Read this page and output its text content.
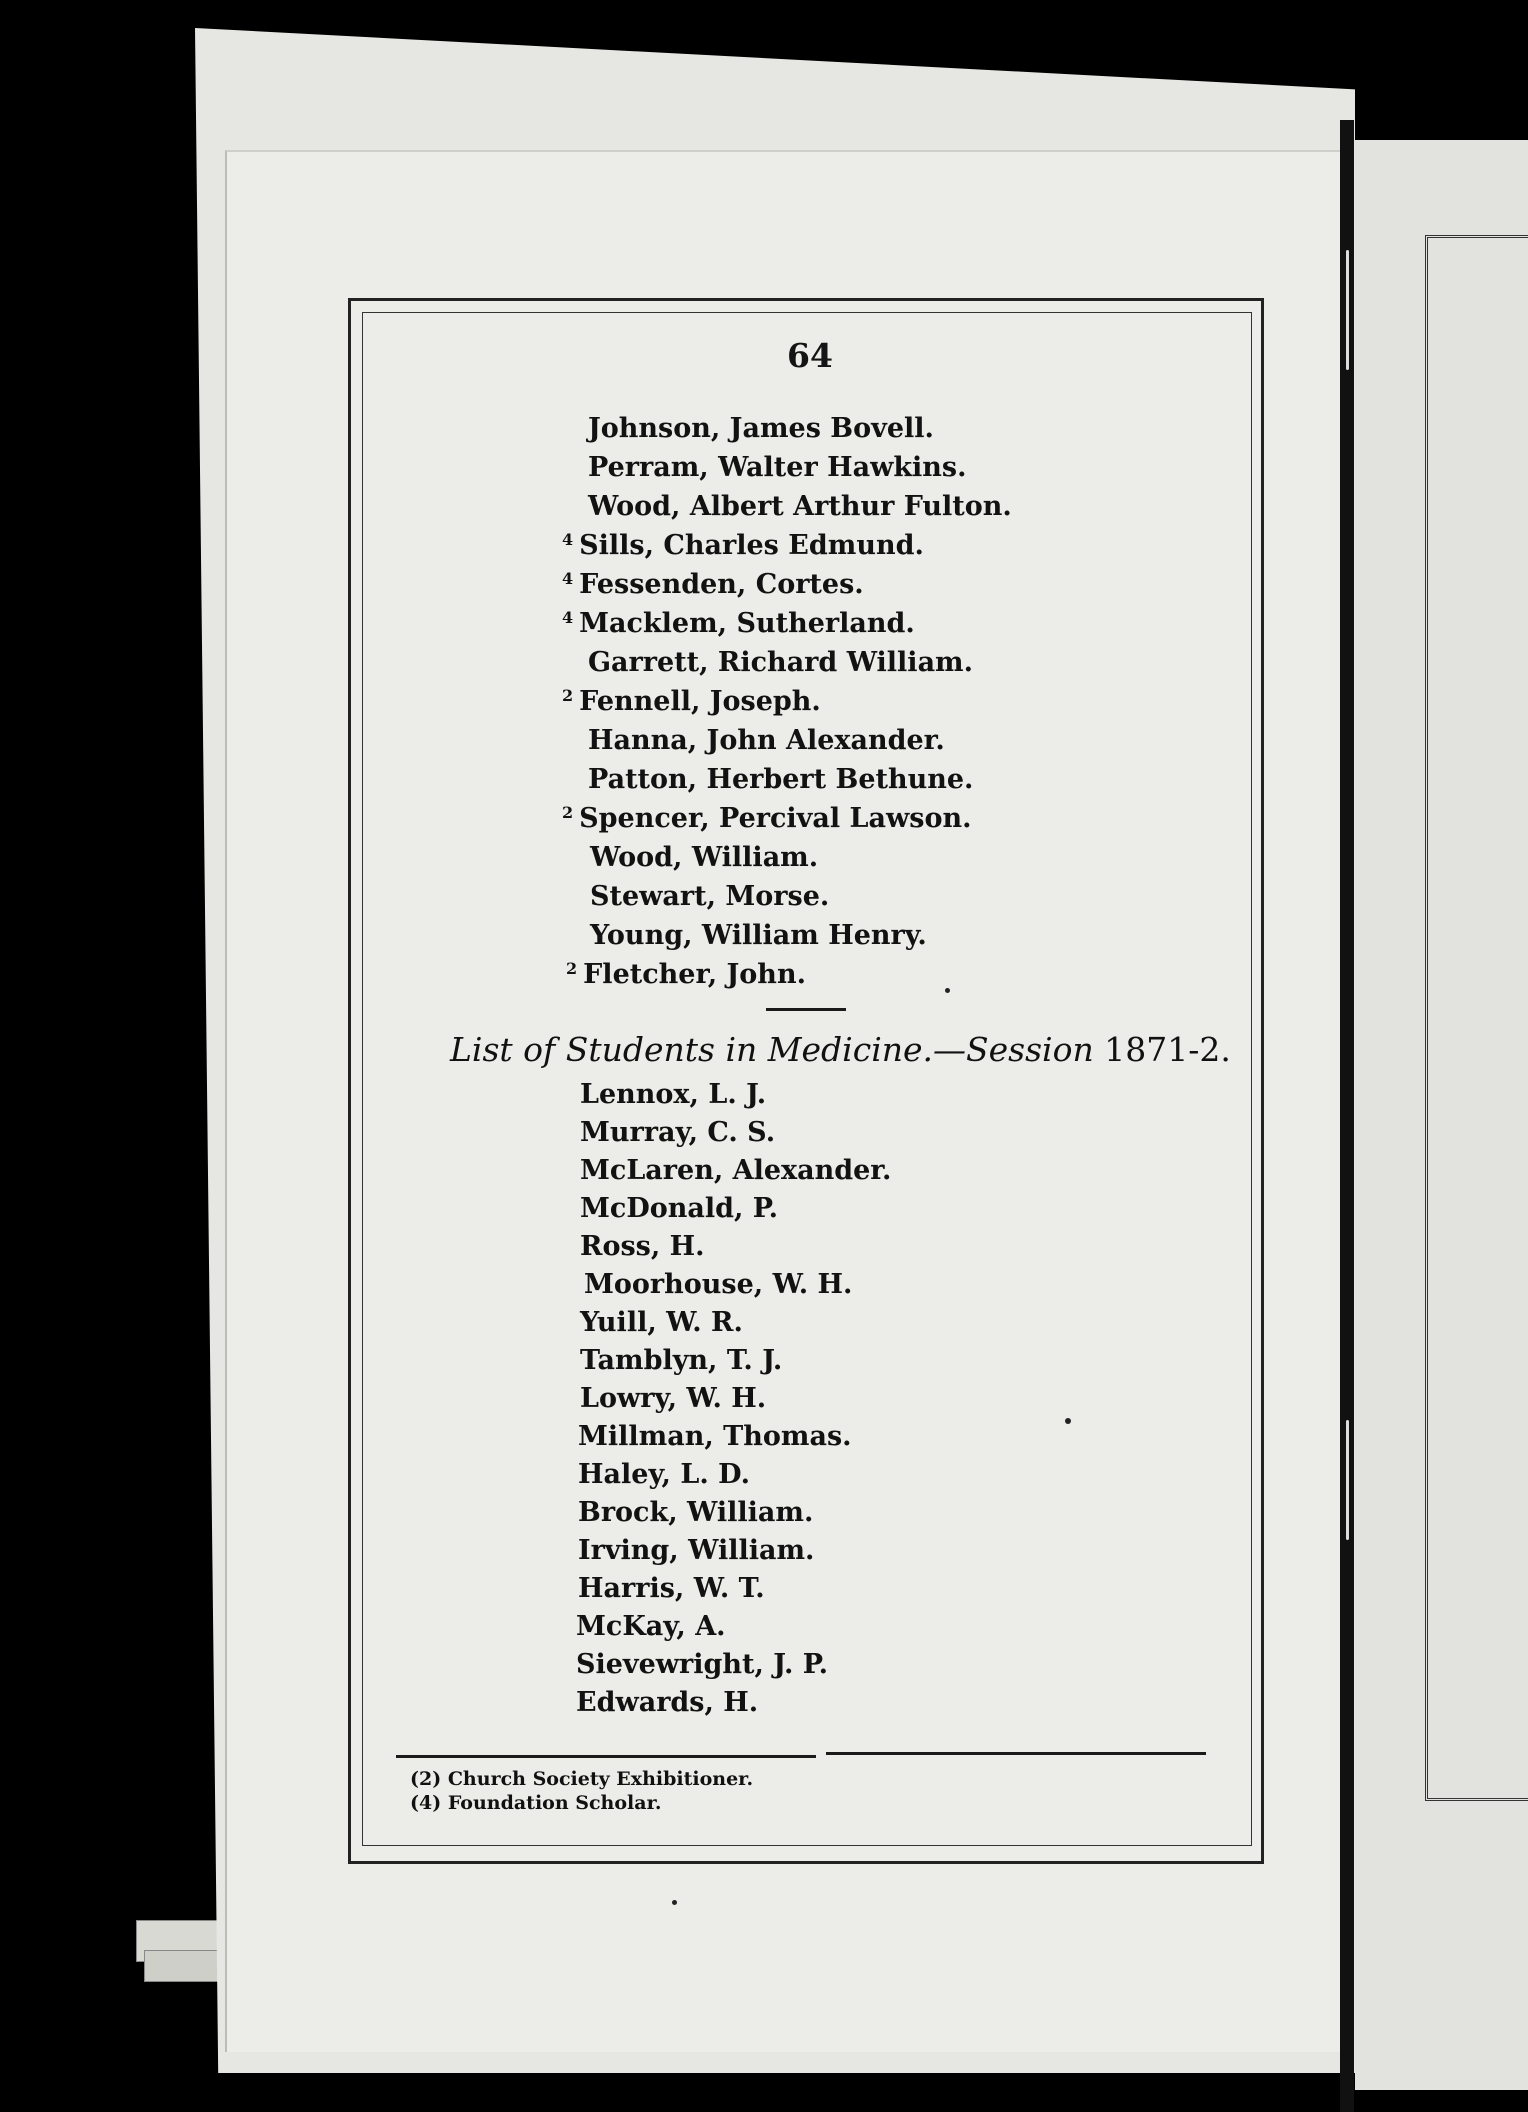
64
Johnson, James Bovell.
Perram, Walter Hawkins.
Wood, Albert Arthur Fulton.
$^4$ Sills, Charles Edmund.
$^4$ Fessenden, Cortes.
$^4$ Macklem, Sutherland.
Garrett, Richard William.
$^2$ Fennell, Joseph.
Hanna, John Alexander.
Patton, Herbert Bethune.
$^2$ Spencer, Percival Lawson.
Wood, William.
Stewart, Morse.
Young, William Henry.
$^2$ Fletcher, John.
List of Students in Medicine.—Session 1871-2.
Lennox, L. J.
Murray, C. S.
McLaren, Alexander.
McDonald, P.
Ross, H.
Moorhouse, W. H.
Yuill, W. R.
Tamblyn, T. J.
Lowry, W. H.
Millman, Thomas.
Haley, L. D.
Brock, William.
Irving, William.
Harris, W. T.
McKay, A.
Sievewright, J. P.
Edwards, H.
(2) Church Society Exhibitioner.
(4) Foundation Scholar.
